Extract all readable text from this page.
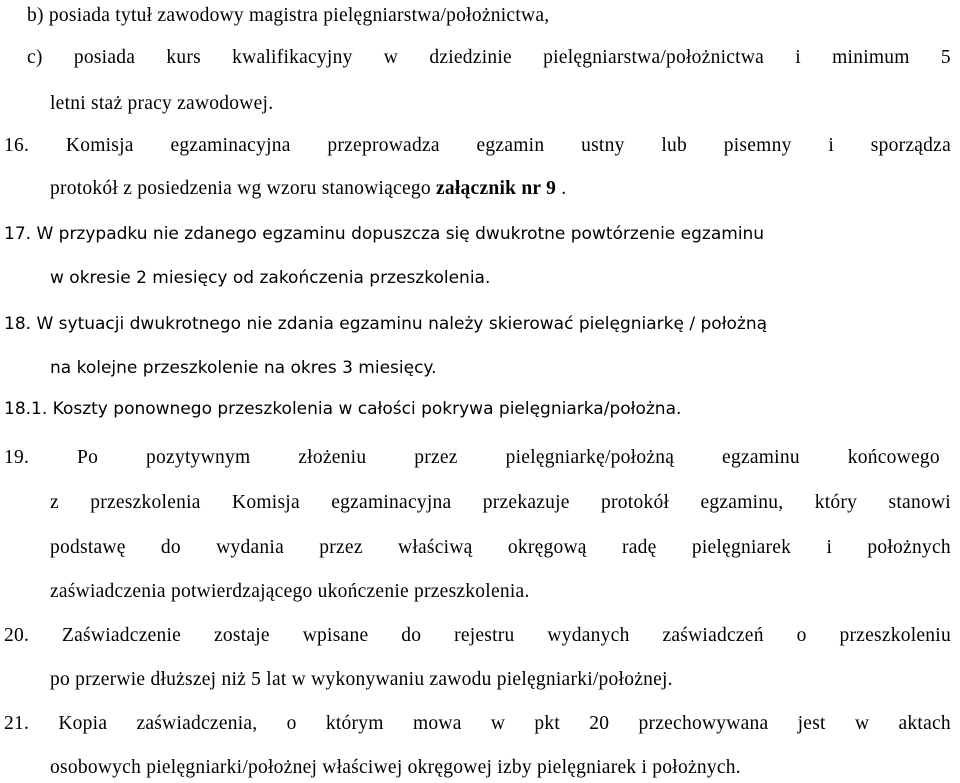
b) posiada tytuł zawodowy magistra pielęgniarstwa/położnictwa,
c) posiada kurs kwalifikacyjny w dziedzinie pielęgniarstwa/położnictwa i minimum 5
letni staż pracy zawodowej.
16. Komisja egzaminacyjna przeprowadza egzamin ustny lub pisemny i sporządza
protokół z posiedzenia wg wzoru stanowiącego załącznik nr 9 .
17. W przypadku nie zdanego egzaminu dopuszcza się dwukrotne powtórzenie egzaminu
w okresie 2 miesięcy od zakończenia przeszkolenia.
18. W sytuacji dwukrotnego nie zdania egzaminu należy skierować pielęgniarkę / położną
na kolejne przeszkolenie na okres 3 miesięcy.
18.1. Koszty ponownego przeszkolenia w całości pokrywa pielęgniarka/położna.
19. Po pozytywnym złożeniu przez pielęgniarkę/położną egzaminu końcowego
z przeszkolenia Komisja egzaminacyjna przekazuje protokół egzaminu, który stanowi
podstawę do wydania przez właściwą okręgową radę pielęgniarek i położnych
zaświadczenia potwierdzającego ukończenie przeszkolenia.
20. Zaświadczenie zostaje wpisane do rejestru wydanych zaświadczeń o przeszkoleniu
po przerwie dłuższej niż 5 lat w wykonywaniu zawodu pielęgniarki/położnej.
21. Kopia zaświadczenia, o którym mowa w pkt 20 przechowywana jest w aktach
osobowych pielęgniarki/położnej właściwej okręgowej izby pielęgniarek i położnych.
